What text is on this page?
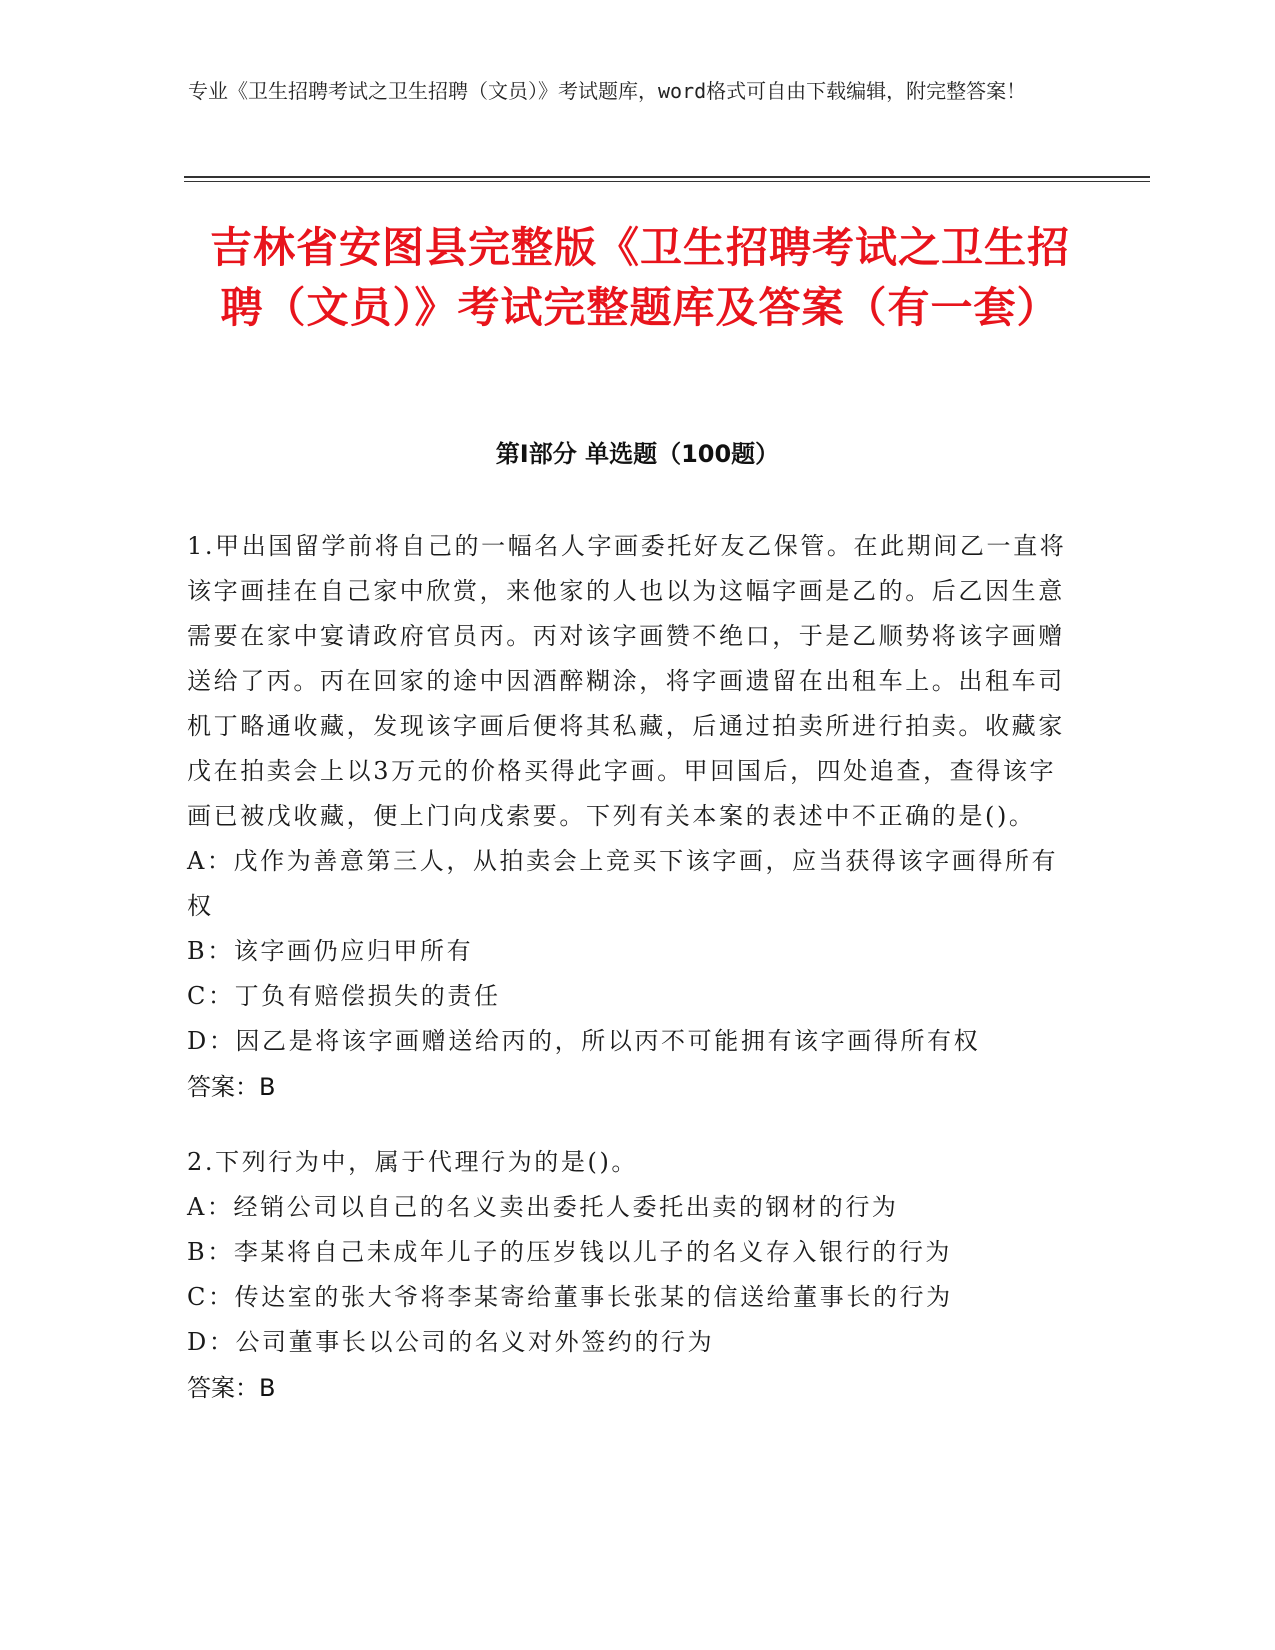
专业《卫生招聘考试之卫生招聘（文员）》考试题库，word格式可自由下载编辑，附完整答案！
吉林省安图县完整版《卫生招聘考试之卫生招聘（文员）》考试完整题库及答案（有一套）
第I部分 单选题（100题）
1.甲出国留学前将自己的一幅名人字画委托好友乙保管。在此期间乙一直将该字画挂在自己家中欣赏，来他家的人也以为这幅字画是乙的。后乙因生意需要在家中宴请政府官员丙。丙对该字画赞不绝口，于是乙顺势将该字画赠送给了丙。丙在回家的途中因酒醉糊涂，将字画遗留在出租车上。出租车司机丁略通收藏，发现该字画后便将其私藏，后通过拍卖所进行拍卖。收藏家戊在拍卖会上以3万元的价格买得此字画。甲回国后，四处追查，查得该字画已被戊收藏，便上门向戊索要。下列有关本案的表述中不正确的是()。
A：戊作为善意第三人，从拍卖会上竞买下该字画，应当获得该字画得所有权
B：该字画仍应归甲所有
C：丁负有赔偿损失的责任
D：因乙是将该字画赠送给丙的，所以丙不可能拥有该字画得所有权
答案：B
2.下列行为中，属于代理行为的是()。
A：经销公司以自己的名义卖出委托人委托出卖的钢材的行为
B：李某将自己未成年儿子的压岁钱以儿子的名义存入银行的行为
C：传达室的张大爷将李某寄给董事长张某的信送给董事长的行为
D：公司董事长以公司的名义对外签约的行为
答案：B
